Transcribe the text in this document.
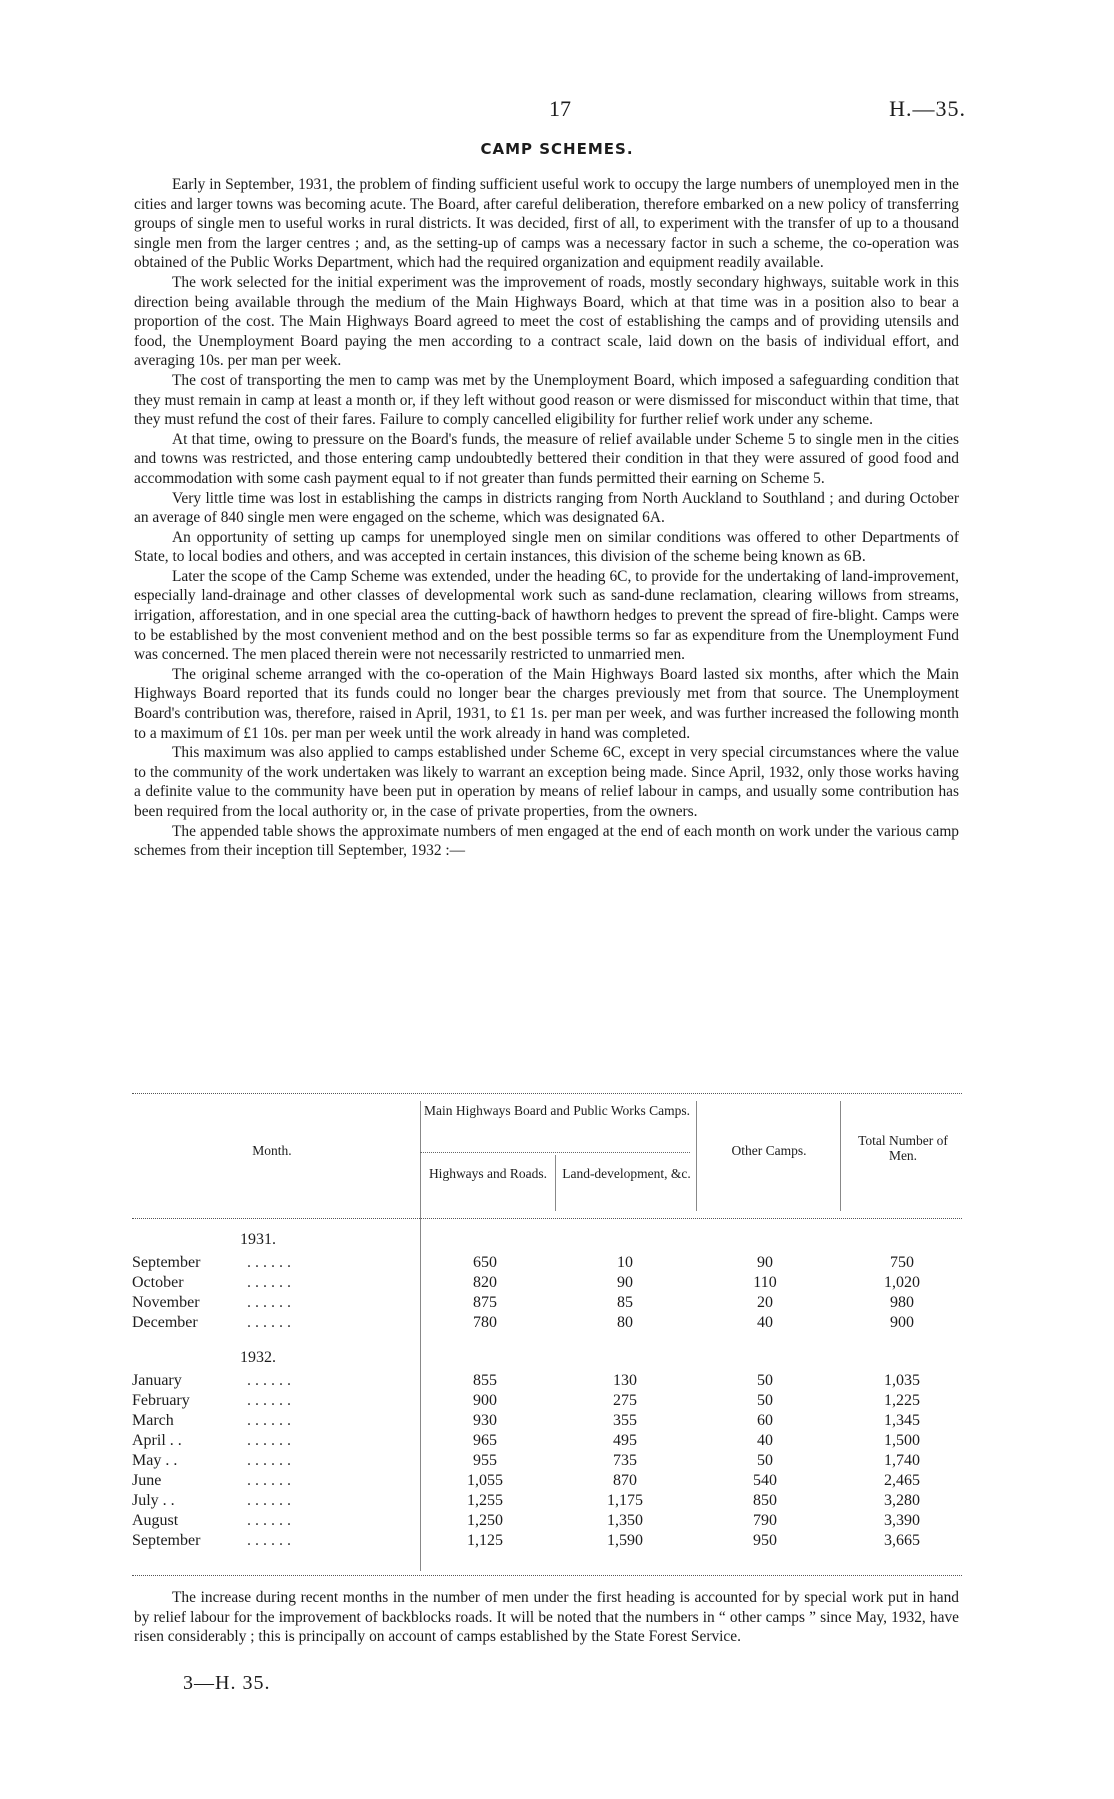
17	H.—35.
CAMP SCHEMES.

Early in September, 1931, the problem of finding sufficient useful work to occupy the large numbers of unemployed men in the cities and larger towns was becoming acute. The Board, after careful deliberation, therefore embarked on a new policy of transferring groups of single men to useful works in rural districts. It was decided, first of all, to experiment with the transfer of up to a thousand single men from the larger centres ; and, as the setting-up of camps was a necessary factor in such a scheme, the co-operation was obtained of the Public Works Department, which had the required organization and equipment readily available.

The work selected for the initial experiment was the improvement of roads, mostly secondary highways, suitable work in this direction being available through the medium of the Main Highways Board, which at that time was in a position also to bear a proportion of the cost. The Main Highways Board agreed to meet the cost of establishing the camps and of providing utensils and food, the Unemployment Board paying the men according to a contract scale, laid down on the basis of individual effort, and averaging 10s. per man per week.

The cost of transporting the men to camp was met by the Unemployment Board, which imposed a safeguarding condition that they must remain in camp at least a month or, if they left without good reason or were dismissed for misconduct within that time, that they must refund the cost of their fares. Failure to comply cancelled eligibility for further relief work under any scheme.

At that time, owing to pressure on the Board's funds, the measure of relief available under Scheme 5 to single men in the cities and towns was restricted, and those entering camp undoubtedly bettered their condition in that they were assured of good food and accommodation with some cash payment equal to if not greater than funds permitted their earning on Scheme 5.

Very little time was lost in establishing the camps in districts ranging from North Auckland to Southland ; and during October an average of 840 single men were engaged on the scheme, which was designated 6A.

An opportunity of setting up camps for unemployed single men on similar conditions was offered to other Departments of State, to local bodies and others, and was accepted in certain instances, this division of the scheme being known as 6B.

Later the scope of the Camp Scheme was extended, under the heading 6C, to provide for the undertaking of land-improvement, especially land-drainage and other classes of developmental work such as sand-dune reclamation, clearing willows from streams, irrigation, afforestation, and in one special area the cutting-back of hawthorn hedges to prevent the spread of fire-blight. Camps were to be established by the most convenient method and on the best possible terms so far as expenditure from the Unemployment Fund was concerned. The men placed therein were not necessarily restricted to unmarried men.

The original scheme arranged with the co-operation of the Main Highways Board lasted six months, after which the Main Highways Board reported that its funds could no longer bear the charges previously met from that source. The Unemployment Board's contribution was, therefore, raised in April, 1931, to £1 1s. per man per week, and was further increased the following month to a maximum of £1 10s. per man per week until the work already in hand was completed.

This maximum was also applied to camps established under Scheme 6C, except in very special circumstances where the value to the community of the work undertaken was likely to warrant an exception being made. Since April, 1932, only those works having a definite value to the community have been put in operation by means of relief labour in camps, and usually some contribution has been required from the local authority or, in the case of private properties, from the owners.

The appended table shows the approximate numbers of men engaged at the end of each month on work under the various camp schemes from their inception till September, 1932 :—

Month.
Main Highways Board and Public Works Camps.
Highways and Roads.	Land-development, &c.
Other Camps.
Total Number of Men.
1931.
September	. . . . . .	650	10	90	750
October	. . . . . .	820	90	110	1,020
November	. . . . . .	875	85	20	980
December	. . . . . .	780	80	40	900
1932.
January	. . . . . .	855	130	50	1,035
February	. . . . . .	900	275	50	1,225
March	. . . . . .	930	355	60	1,345
April . .	. . . . . .	965	495	40	1,500
May . .	. . . . . .	955	735	50	1,740
June	. . . . . .	1,055	870	540	2,465
July . .	. . . . . .	1,255	1,175	850	3,280
August	. . . . . .	1,250	1,350	790	3,390
September	. . . . . .	1,125	1,590	950	3,665

The increase during recent months in the number of men under the first heading is accounted for by special work put in hand by relief labour for the improvement of backblocks roads. It will be noted that the numbers in “ other camps ” since May, 1932, have risen considerably ; this is principally on account of camps established by the State Forest Service.

3—H. 35.
